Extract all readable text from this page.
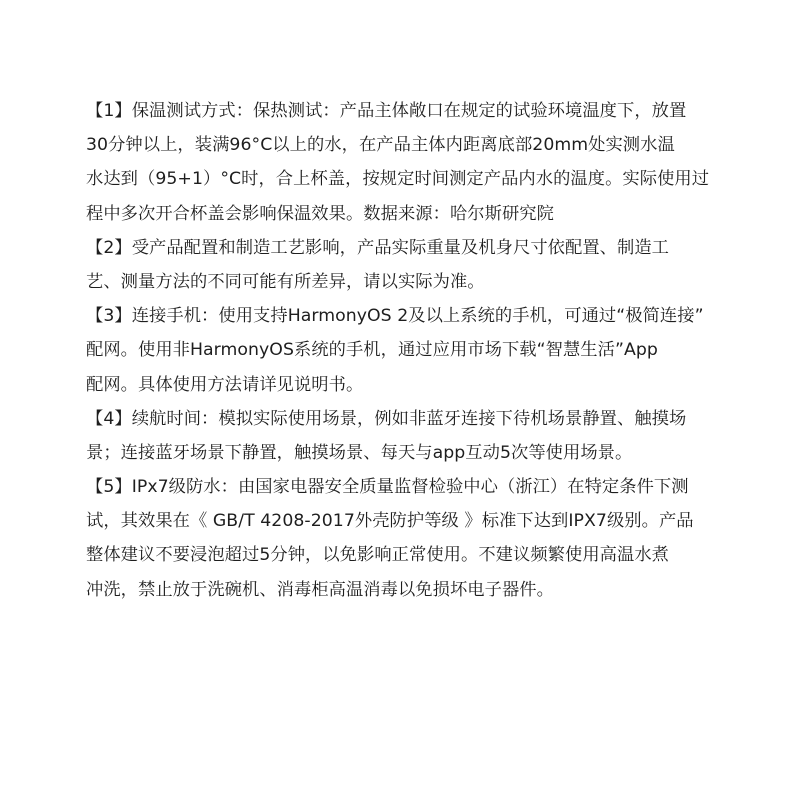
【1】保温测试方式：保热测试：产品主体敞口在规定的试验环境温度下，放置
30分钟以上，装满96°C以上的水，在产品主体内距离底部20mm处实测水温
水达到（95+1）°C时，合上杯盖，按规定时间测定产品内水的温度。实际使用过
程中多次开合杯盖会影响保温效果。数据来源：哈尔斯研究院
【2】受产品配置和制造工艺影响，产品实际重量及机身尺寸依配置、制造工
艺、测量方法的不同可能有所差异，请以实际为准。
【3】连接手机：使用支持HarmonyOS 2及以上系统的手机，可通过“极简连接”
配网。使用非HarmonyOS系统的手机，通过应用市场下载“智慧生活”App
配网。具体使用方法请详见说明书。
【4】续航时间：模拟实际使用场景，例如非蓝牙连接下待机场景静置、触摸场
景；连接蓝牙场景下静置，触摸场景、每天与app互动5次等使用场景。
【5】IPx7级防水：由国家电器安全质量监督检验中心（浙江）在特定条件下测
试，其效果在《 GB/T 4208-2017外壳防护等级 》标准下达到IPX7级别。产品
整体建议不要浸泡超过5分钟，以免影响正常使用。不建议频繁使用高温水煮
冲洗，禁止放于洗碗机、消毒柜高温消毒以免损坏电子器件。
